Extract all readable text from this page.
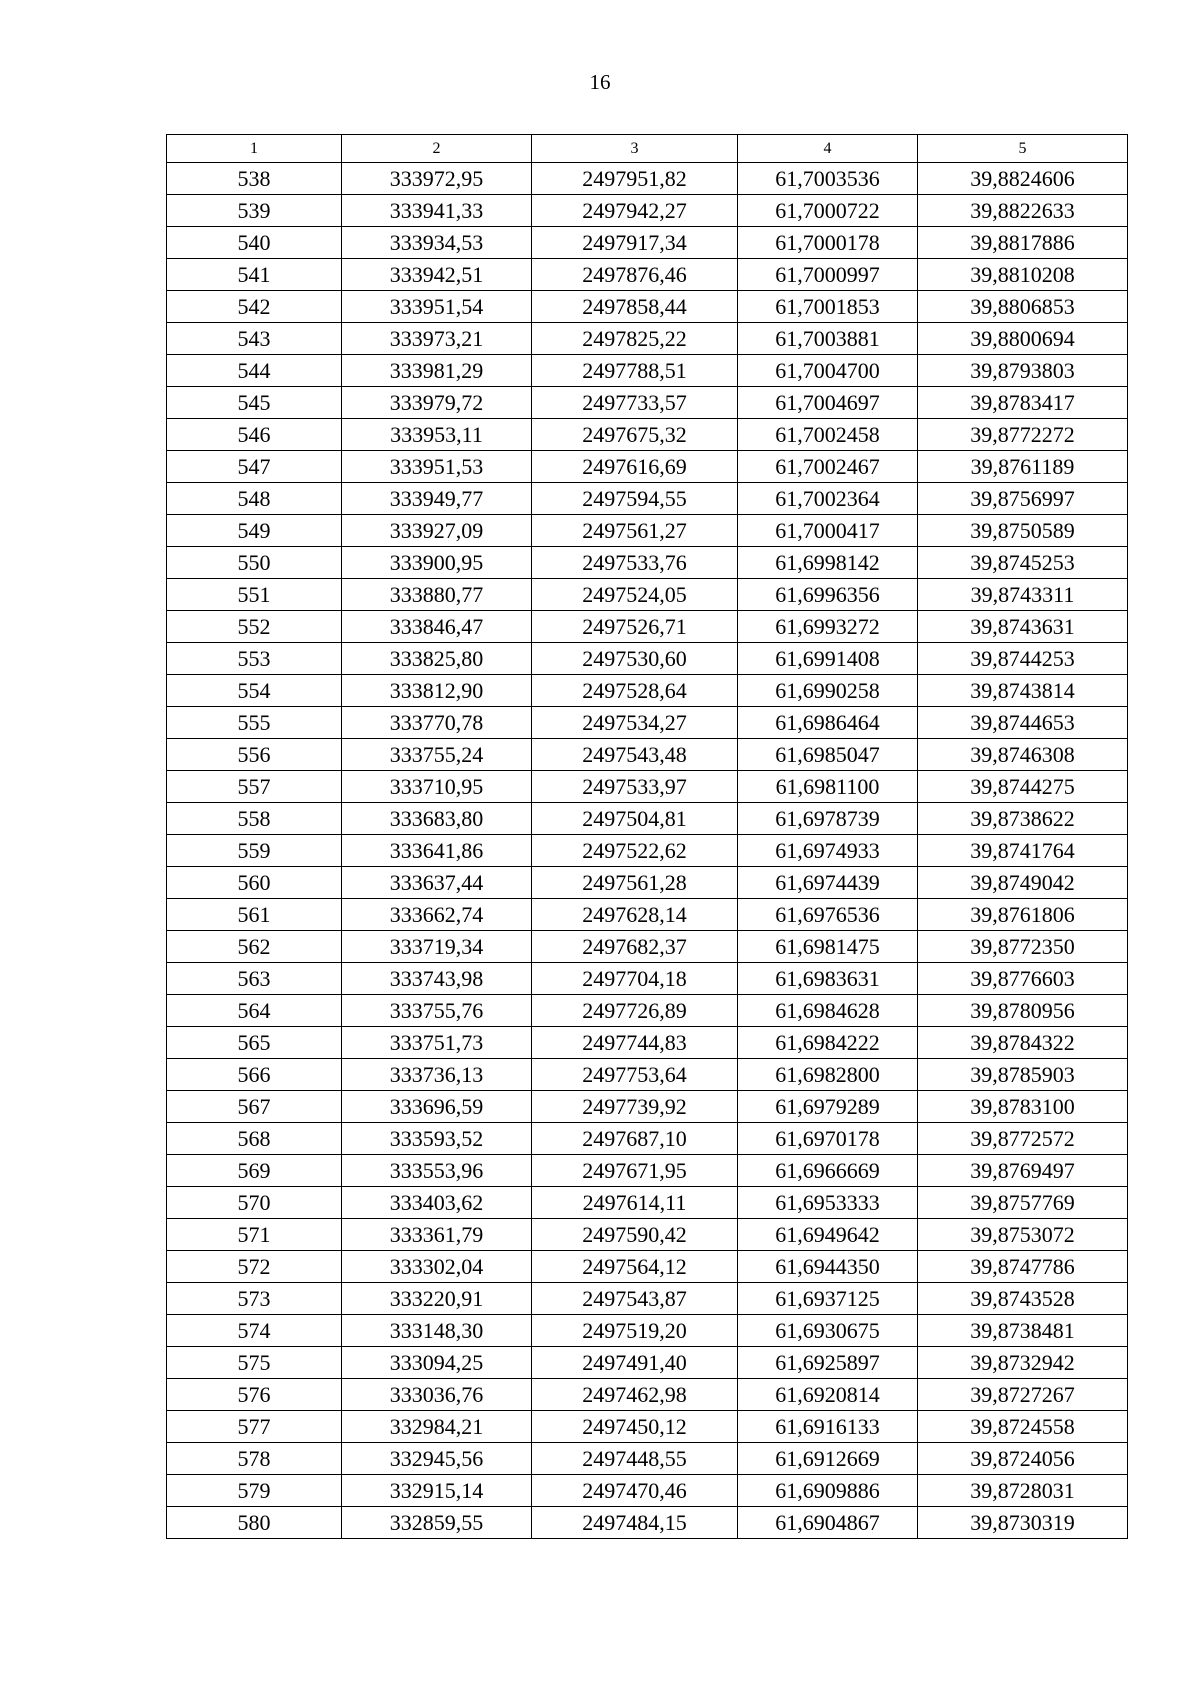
16
1	2	3	4	5
538	333972,95	2497951,82	61,7003536	39,8824606
539	333941,33	2497942,27	61,7000722	39,8822633
540	333934,53	2497917,34	61,7000178	39,8817886
541	333942,51	2497876,46	61,7000997	39,8810208
542	333951,54	2497858,44	61,7001853	39,8806853
543	333973,21	2497825,22	61,7003881	39,8800694
544	333981,29	2497788,51	61,7004700	39,8793803
545	333979,72	2497733,57	61,7004697	39,8783417
546	333953,11	2497675,32	61,7002458	39,8772272
547	333951,53	2497616,69	61,7002467	39,8761189
548	333949,77	2497594,55	61,7002364	39,8756997
549	333927,09	2497561,27	61,7000417	39,8750589
550	333900,95	2497533,76	61,6998142	39,8745253
551	333880,77	2497524,05	61,6996356	39,8743311
552	333846,47	2497526,71	61,6993272	39,8743631
553	333825,80	2497530,60	61,6991408	39,8744253
554	333812,90	2497528,64	61,6990258	39,8743814
555	333770,78	2497534,27	61,6986464	39,8744653
556	333755,24	2497543,48	61,6985047	39,8746308
557	333710,95	2497533,97	61,6981100	39,8744275
558	333683,80	2497504,81	61,6978739	39,8738622
559	333641,86	2497522,62	61,6974933	39,8741764
560	333637,44	2497561,28	61,6974439	39,8749042
561	333662,74	2497628,14	61,6976536	39,8761806
562	333719,34	2497682,37	61,6981475	39,8772350
563	333743,98	2497704,18	61,6983631	39,8776603
564	333755,76	2497726,89	61,6984628	39,8780956
565	333751,73	2497744,83	61,6984222	39,8784322
566	333736,13	2497753,64	61,6982800	39,8785903
567	333696,59	2497739,92	61,6979289	39,8783100
568	333593,52	2497687,10	61,6970178	39,8772572
569	333553,96	2497671,95	61,6966669	39,8769497
570	333403,62	2497614,11	61,6953333	39,8757769
571	333361,79	2497590,42	61,6949642	39,8753072
572	333302,04	2497564,12	61,6944350	39,8747786
573	333220,91	2497543,87	61,6937125	39,8743528
574	333148,30	2497519,20	61,6930675	39,8738481
575	333094,25	2497491,40	61,6925897	39,8732942
576	333036,76	2497462,98	61,6920814	39,8727267
577	332984,21	2497450,12	61,6916133	39,8724558
578	332945,56	2497448,55	61,6912669	39,8724056
579	332915,14	2497470,46	61,6909886	39,8728031
580	332859,55	2497484,15	61,6904867	39,8730319
